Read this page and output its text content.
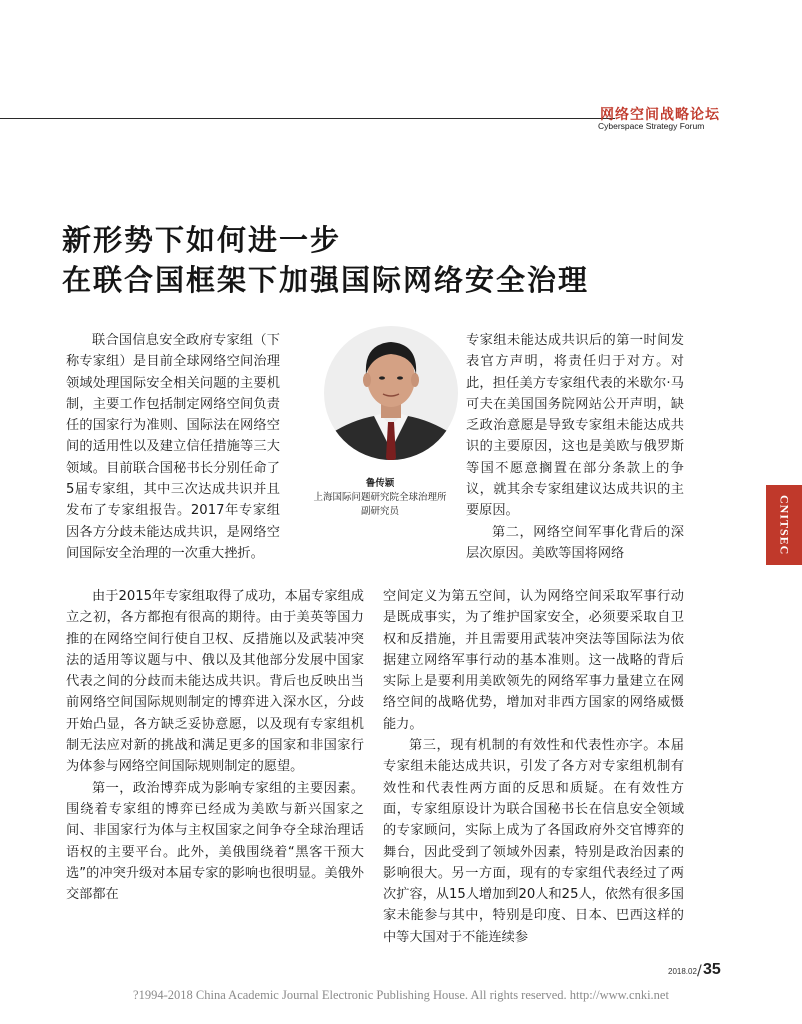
网络空间战略论坛
Cyberspace Strategy Forum
新形势下如何进一步
在联合国框架下加强国际网络安全治理
鲁传颖
上海国际问题研究院全球治理所
副研究员

联合国信息安全政府专家组（下称专家组）是目前全球网络空间治理领域处理国际安全相关问题的主要机制，主要工作包括制定网络空间负责任的国家行为准则、国际法在网络空间的适用性以及建立信任措施等三大领域。目前联合国秘书长分别任命了5届专家组，其中三次达成共识并且发布了专家组报告。2017年专家组因各方分歧未能达成共识，是网络空间国际安全治理的一次重大挫折。

由于2015年专家组取得了成功，本届专家组成立之初，各方都抱有很高的期待。由于美英等国力推的在网络空间行使自卫权、反措施以及武装冲突法的适用等议题与中、俄以及其他部分发展中国家代表之间的分歧而未能达成共识。背后也反映出当前网络空间国际规则制定的博弈进入深水区，分歧开始凸显，各方缺乏妥协意愿，以及现有专家组机制无法应对新的挑战和满足更多的国家和非国家行为体参与网络空间国际规则制定的愿望。

第一，政治博弈成为影响专家组的主要因素。围绕着专家组的博弈已经成为美欧与新兴国家之间、非国家行为体与主权国家之间争夺全球治理话语权的主要平台。此外，美俄围绕着“黑客干预大选”的冲突升级对本届专家的影响也很明显。美俄外交部都在

专家组未能达成共识后的第一时间发表官方声明，将责任归于对方。对此，担任美方专家组代表的米歇尔·马可夫在美国国务院网站公开声明，缺乏政治意愿是导致专家组未能达成共识的主要原因，这也是美欧与俄罗斯等国不愿意搁置在部分条款上的争议，就其余专家组建议达成共识的主要原因。

第二，网络空间军事化背后的深层次原因。美欧等国将网络

空间定义为第五空间，认为网络空间采取军事行动是既成事实，为了维护国家安全，必须要采取自卫权和反措施，并且需要用武装冲突法等国际法为依据建立网络军事行动的基本准则。这一战略的背后实际上是要利用美欧领先的网络军事力量建立在网络空间的战略优势，增加对非西方国家的网络威慑能力。

第三，现有机制的有效性和代表性亦字。本届专家组未能达成共识，引发了各方对专家组机制有效性和代表性两方面的反思和质疑。在有效性方面，专家组原设计为联合国秘书长在信息安全领域的专家顾问，实际上成为了各国政府外交官博弈的舞台，因此受到了领域外因素，特别是政治因素的影响很大。另一方面，现有的专家组代表经过了两次扩容，从15人增加到20人和25人，依然有很多国家未能参与其中，特别是印度、日本、巴西这样的中等大国对于不能连续参

CNITSEC
2018.02 / 35
?1994-2018 China Academic Journal Electronic Publishing House. All rights reserved. http://www.cnki.net
